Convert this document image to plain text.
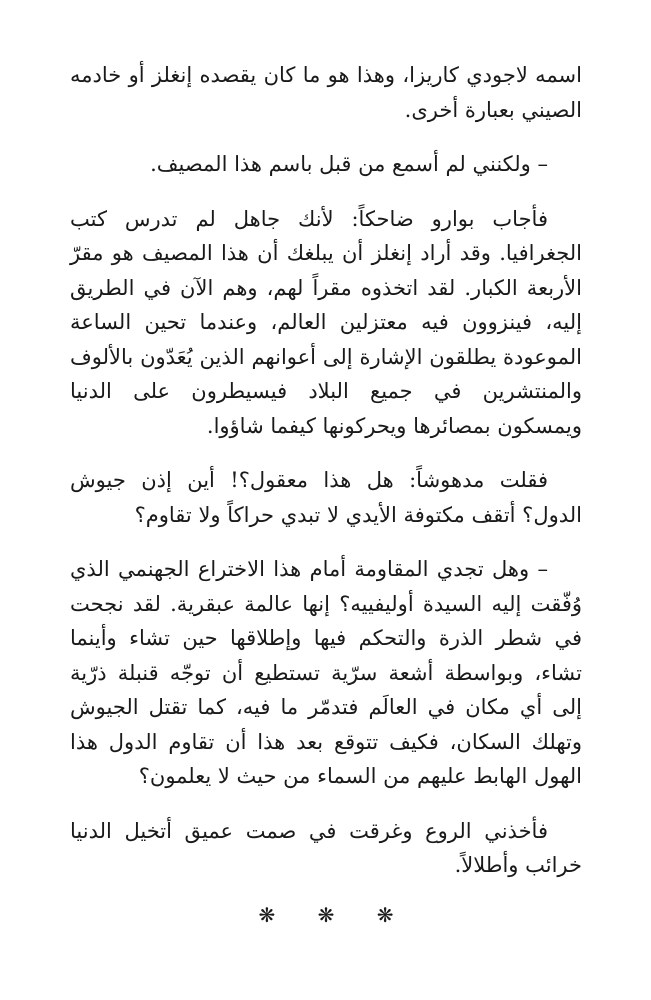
اسمه لاجودي كاريزا، وهذا هو ما كان يقصده إنغلز أو خادمه الصيني بعبارة أخرى.

– ولكنني لم أسمع من قبل باسم هذا المصيف.

فأجاب بوارو ضاحكاً: لأنك جاهل لم تدرس كتب الجغرافيا. وقد أراد إنغلز أن يبلغك أن هذا المصيف هو مقرّ الأربعة الكبار. لقد اتخذوه مقراً لهم، وهم الآن في الطريق إليه، فينزوون فيه معتزلين العالم، وعندما تحين الساعة الموعودة يطلقون الإشارة إلى أعوانهم الذين يُعَدّون بالألوف والمنتشرين في جميع البلاد فيسيطرون على الدنيا ويمسكون بمصائرها ويحركونها كيفما شاؤوا.

فقلت مدهوشاً: هل هذا معقول؟! أين إذن جيوش الدول؟ أتقف مكتوفة الأيدي لا تبدي حراكاً ولا تقاوم؟

– وهل تجدي المقاومة أمام هذا الاختراع الجهنمي الذي وُفّقت إليه السيدة أوليفييه؟ إنها عالمة عبقرية. لقد نجحت في شطر الذرة والتحكم فيها وإطلاقها حين تشاء وأينما تشاء، وبواسطة أشعة سرّية تستطيع أن توجّه قنبلة ذرّية إلى أي مكان في العالَم فتدمّر ما فيه، كما تقتل الجيوش وتهلك السكان، فكيف تتوقع بعد هذا أن تقاوم الدول هذا الهول الهابط عليهم من السماء من حيث لا يعلمون؟

فأخذني الروع وغرقت في صمت عميق أتخيل الدنيا خرائب وأطلالاً.

❋ ❋ ❋
